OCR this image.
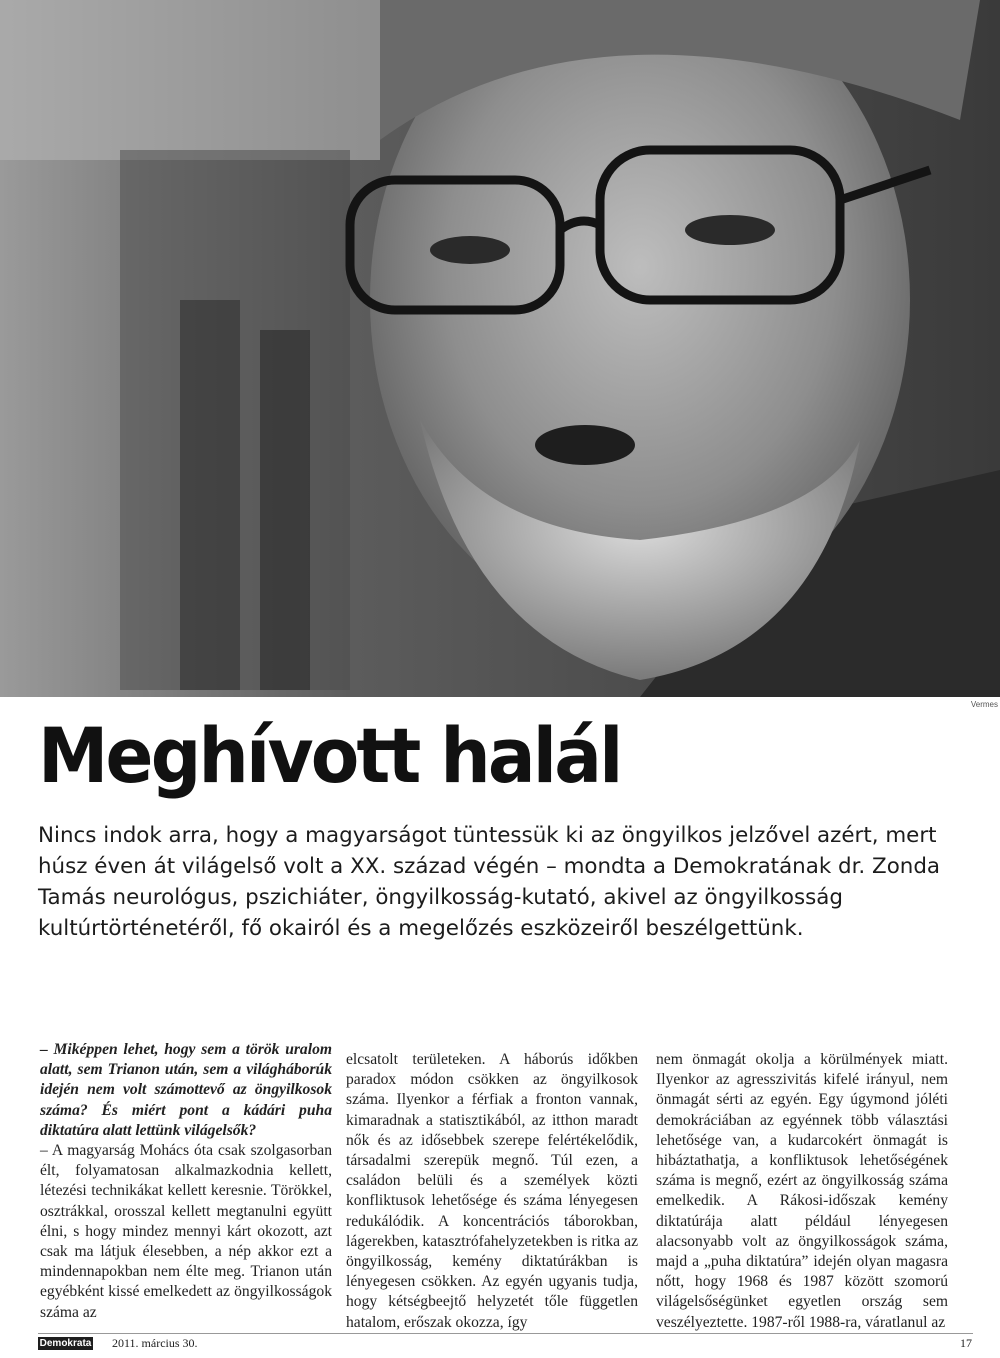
Vermes
Meghívott halál

Nincs indok arra, hogy a magyarságot tüntessük ki az öngyilkos jelzővel azért, mert húsz éven át világelső volt a XX. század végén – mondta a Demokratának dr. Zonda Tamás neurológus, pszichiáter, öngyilkosság-kutató, akivel az öngyilkosság kultúrtörténetéről, fő okairól és a megelőzés eszközeiről beszélgettünk.

– Miképpen lehet, hogy sem a török uralom alatt, sem Trianon után, sem a világháborúk idején nem volt számottevő az öngyilkosok száma? És miért pont a kádári puha diktatúra alatt lettünk világelsők?

– A magyarság Mohács óta csak szolgasorban élt, folyamatosan alkalmazkodnia kellett, létezési technikákat kellett keresnie. Törökkel, osztrákkal, orosszal kellett megtanulni együtt élni, s hogy mindez mennyi kárt okozott, azt csak ma látjuk élesebben, a nép akkor ezt a mindennapokban nem élte meg. Trianon után egyébként kissé emelkedett az öngyilkosságok száma az

elcsatolt területeken. A háborús időkben paradox módon csökken az öngyilkosok száma. Ilyenkor a férfiak a fronton vannak, kimaradnak a statisztikából, az itthon maradt nők és az idősebbek szerepe felértékelődik, társadalmi szerepük megnő. Túl ezen, a családon belüli és a személyek közti konfliktusok lehetősége és száma lényegesen redukálódik. A koncentrációs táborokban, lágerekben, katasztrófahelyzetekben is ritka az öngyilkosság, kemény diktatúrákban is lényegesen csökken. Az egyén ugyanis tudja, hogy kétségbeejtő helyzetét tőle független hatalom, erőszak okozza, így

nem önmagát okolja a körülmények miatt. Ilyenkor az agresszivitás kifelé irányul, nem önmagát sérti az egyén. Egy úgymond jóléti demokráciában az egyénnek több választási lehetősége van, a kudarcokért önmagát is hibáztathatja, a konfliktusok lehetőségének száma is megnő, ezért az öngyilkosság száma emelkedik. A Rákosi-időszak kemény diktatúrája alatt például lényegesen alacsonyabb volt az öngyilkosságok száma, majd a „puha diktatúra” idején olyan magasra nőtt, hogy 1968 és 1987 között szomorú világelsőségünket egyetlen ország sem veszélyeztette. 1987-ről 1988-ra, váratlanul az

Demokrata 2011. március 30.	17
